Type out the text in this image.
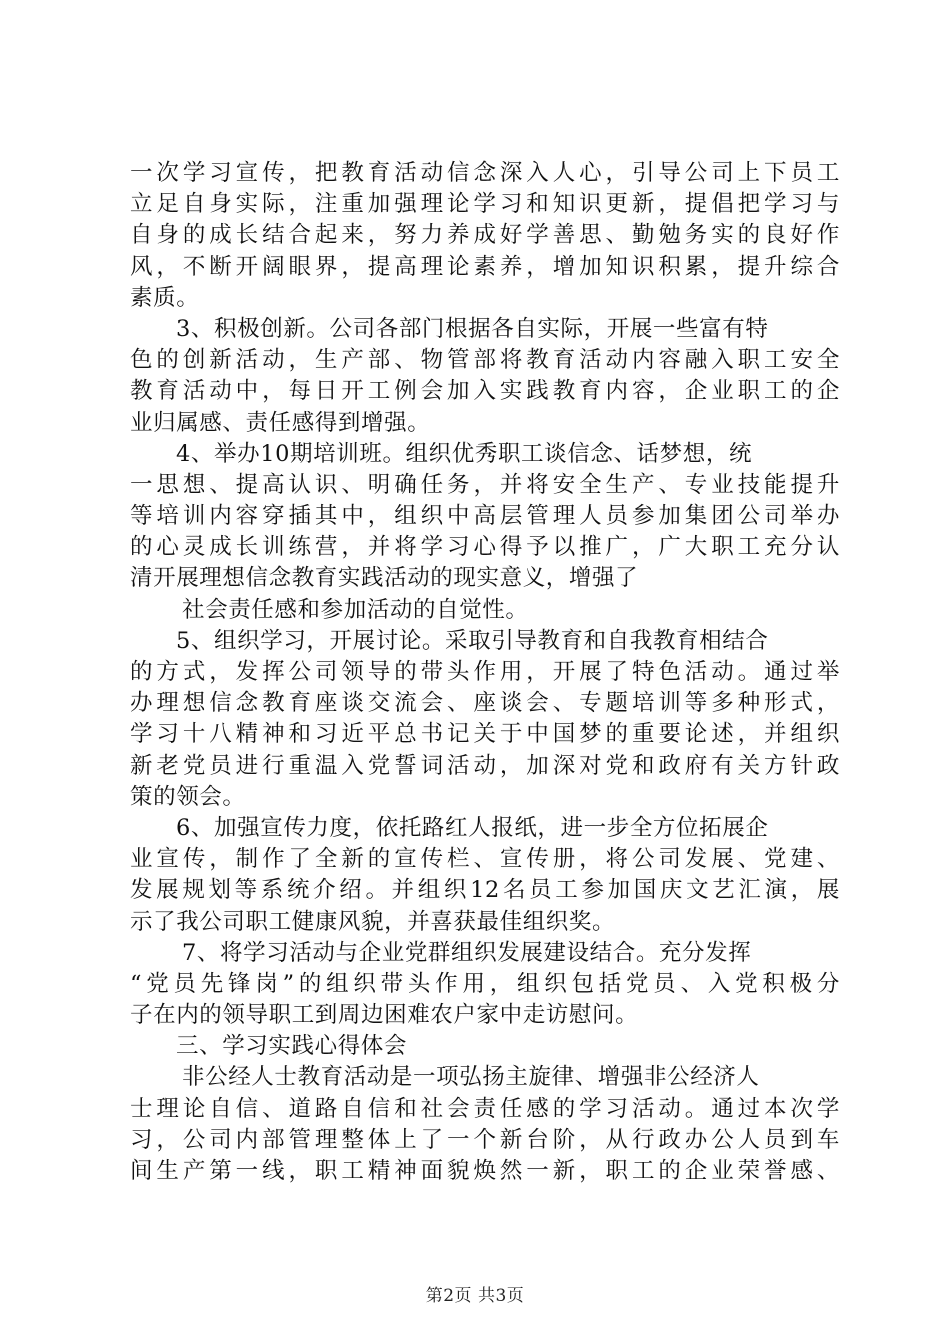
一次学习宣传，把教育活动信念深入人心，引导公司上下员工
立足自身实际，注重加强理论学习和知识更新，提倡把学习与
自身的成长结合起来，努力养成好学善思、勤勉务实的良好作
风，不断开阔眼界，提高理论素养，增加知识积累，提升综合
素质。
3、积极创新。公司各部门根据各自实际，开展一些富有特
色的创新活动，生产部、物管部将教育活动内容融入职工安全
教育活动中，每日开工例会加入实践教育内容，企业职工的企
业归属感、责任感得到增强。
4、举办10期培训班。组织优秀职工谈信念、话梦想，统
一思想、提高认识、明确任务，并将安全生产、专业技能提升
等培训内容穿插其中，组织中高层管理人员参加集团公司举办
的心灵成长训练营，并将学习心得予以推广，广大职工充分认
清开展理想信念教育实践活动的现实意义，增强了
社会责任感和参加活动的自觉性。
5、组织学习，开展讨论。采取引导教育和自我教育相结合
的方式，发挥公司领导的带头作用，开展了特色活动。通过举
办理想信念教育座谈交流会、座谈会、专题培训等多种形式，
学习十八精神和习近平总书记关于中国梦的重要论述，并组织
新老党员进行重温入党誓词活动，加深对党和政府有关方针政
策的领会。
6、加强宣传力度，依托路红人报纸，进一步全方位拓展企
业宣传，制作了全新的宣传栏、宣传册，将公司发展、党建、
发展规划等系统介绍。并组织12名员工参加国庆文艺汇演，展
示了我公司职工健康风貌，并喜获最佳组织奖。
7、将学习活动与企业党群组织发展建设结合。充分发挥
“党员先锋岗”的组织带头作用，组织包括党员、入党积极分
子在内的领导职工到周边困难农户家中走访慰问。
三、学习实践心得体会
非公经人士教育活动是一项弘扬主旋律、增强非公经济人
士理论自信、道路自信和社会责任感的学习活动。通过本次学
习，公司内部管理整体上了一个新台阶，从行政办公人员到车
间生产第一线，职工精神面貌焕然一新，职工的企业荣誉感、
第2页 共3页
